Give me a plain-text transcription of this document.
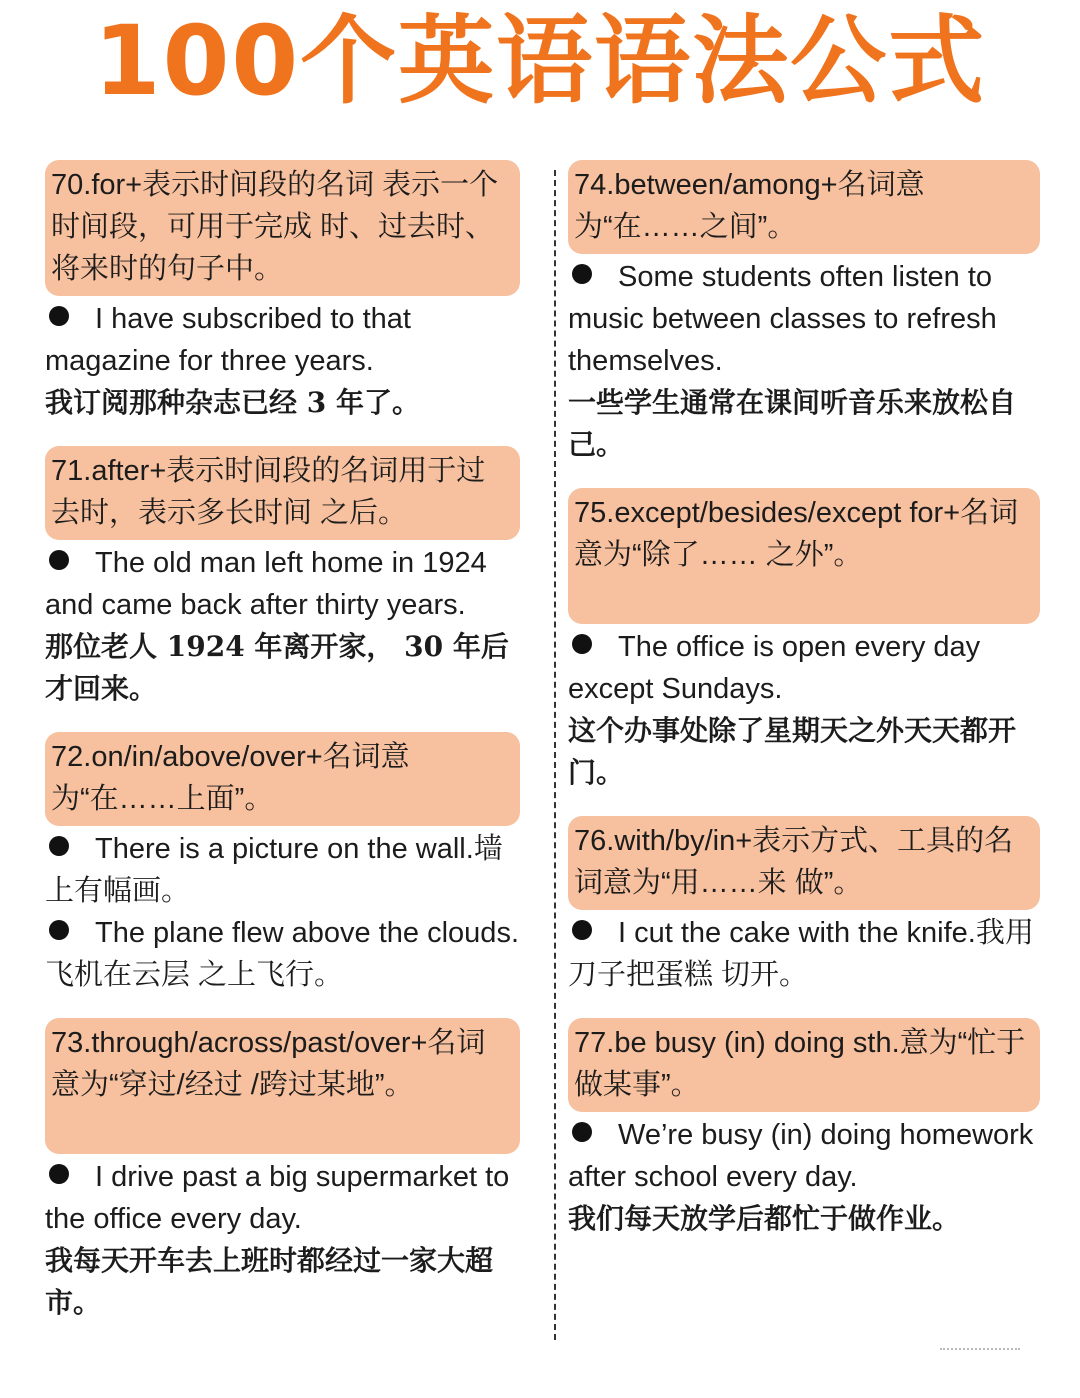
100个英语语法公式
70.for+表示时间段的名词 表示一个时间段，可用于完成 时、过去时、将来时的句子中。
I have subscribed to that magazine for three years.
我订阅那种杂志已经 3 年了。
71.after+表示时间段的名词用于过去时，表示多长时间 之后。
The old man left home in 1924 and came back after thirty years.
那位老人 1924 年离开家， 30 年后才回来。
72.on/in/above/over+名词意为“在……上面”。
There is a picture on the wall.墙上有幅画。
The plane flew above the clouds.飞机在云层 之上飞行。
73.through/across/past/over+名词意为“穿过/经过 /跨过某地”。
I drive past a big supermarket to the office every day.
我每天开车去上班时都经过一家大超市。
74.between/among+名词意为“在……之间”。
Some students often listen to music between classes to refresh themselves.
一些学生通常在课间听音乐来放松自己。
75.except/besides/except for+名词意为“除了…… 之外”。
The office is open every day except Sundays.
这个办事处除了星期天之外天天都开门。
76.with/by/in+表示方式、工具的名词意为“用……来 做”。
I cut the cake with the knife.我用刀子把蛋糕 切开。
77.be busy (in) doing sth.意为“忙于做某事”。
We’re busy (in) doing homework after school every day.
我们每天放学后都忙于做作业。
